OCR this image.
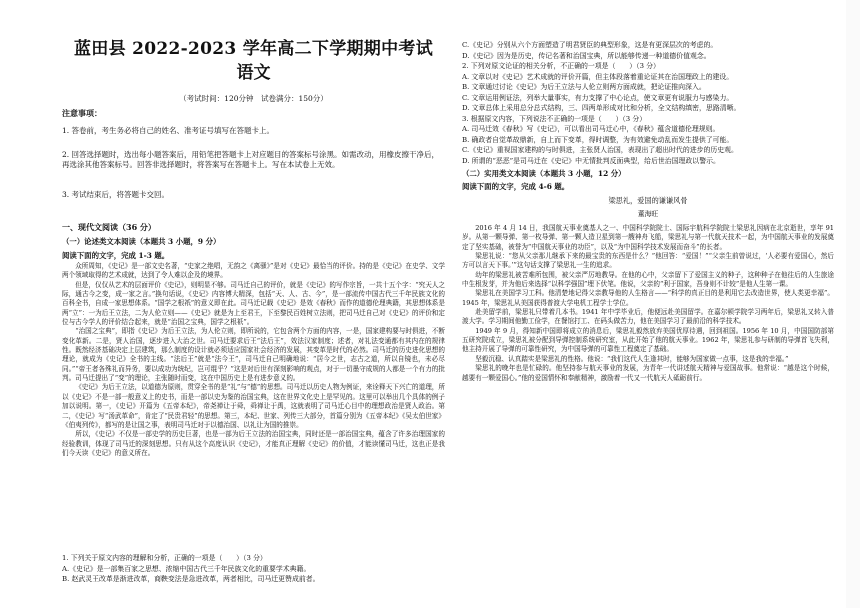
蓝田县 2022-2023 学年高二下学期期中考试
语文
（考试时间：120分钟　试卷满分：150分）
注意事项：
1. 答卷前，考生务必将自己的姓名、准考证号填写在答题卡上。
2. 回答选择题时，选出每小题答案后，用铅笔把答题卡上对应题目的答案标号涂黑。如需改动，用橡皮擦干净后，再选涂其他答案标号。回答非选择题时，将答案写在答题卡上。写在本试卷上无效。
3. 考试结束后，将答题卡交回。
一、现代文阅读（36 分）
（一）论述类文本阅读（本题共 3 小题，9 分）
阅读下面的文字，完成 1-3 题。

众所周知，《史记》是一部文史名著，“史家之绝唱，无韵之《离骚》”是对《史记》最恰当的评价。持的是《史记》在史学、文学两个领域取得的艺术成就，达到了令人难以企及的境界。

但是，仅仅从艺术的层面评价《史记》，则明显不够。司马迁自己的评价，就是《史记》的写作宗旨，一共十五个字：“究天人之际，通古今之变，成一家之言。”换句话说，《史记》内容博大精深，包括“天、人、古、今”，是一部流传中国古代三千年民族文化的百科全书，自成一家思想体系。“国学之根祇”的意义即在此。司马迁记载《史记》是效《春秋》而作的道德伦理典籍，其思想体系是两“立”：一为后王立法，二为人伦立则——《史记》就是为上至君王，下至黎民百姓树立法则，把司马迁自己对《史记》的评价和定位与古今学人的评价结合起来，就是“治国之宝典，国学之根祇”。

“治国之宝典”，即指《史记》为后王立法，为人伦立则，即所说的，它包含两个方面的内容，一是，国家建构要与时俱进，不断变化革新。二是，贤人治国，逐步进入大治之世。司马迁要求后王“法后王”，效法汉家制度；述者，对礼法变通都有其内在的规律性。既然经济基础决定上层建筑，那么制度的设计就必须适应国家社会经济的发展，其变革是时代的必然。司马迁的历史进化思想的理论，就成为《史记》全书的主线。“法后王”就是“法今王”，司马迁自己明确地说：“居今之世，志古之道，所以自镜也，未必尽同。”“帝王者各殊礼而异务，要以成功为统纪，岂可绲乎？”这是对后世有深刻影响的观点，对于一切墨守成规的人都是一个有力的批判。司马迁提出了“变”的理论，主张随时而变，这在中国历史上是有进步意义的。

《史记》为后王立法，以道德为原则，贯穿全书的是“礼”与“德”的思想。司马迁以历史人物为例证，来诠释天下兴亡的道理，所以《史记》不是一部一般意义上的史书，而是一部以史为鉴的治国宝典，这在世界文化史上是罕见的。这里可以举出几个具体的例子加以说明。第一，《史记》开篇为《五帝本纪》，帝尧禅让于舜，舜禅让于禹，这就表明了司马迁心目中的理想政治是贤人政治。第二，《史记》写“汤武革命”，肯定了“民贵君轻”的思想。第三，本纪、世家、列传三大部分，首篇分别为《五帝本纪》《吴太伯世家》《伯夷列传》，都写的是让国之事，表明司马迁对于以德治国、以礼让为国的推崇。

所以，《史记》不仅是一部史学的历史巨著，也是一部为后王立法的治国宝典，同时还是一部治国宝典，蕴含了许多治理国家的经验教训，体现了司马迁的深刻思想。只有从这个高度认识《史记》，才能真正理解《史记》的价值，才能读懂司马迁，这也正是我们今天读《史记》的意义所在。

1. 下列关于原文内容的理解和分析，正确的一项是（　　）（3 分）
A.《史记》是一部集百家之思想、浓缩中国古代三千年民族文化的重要学术典籍。
B. 赵武灵王改革是渐进改革，商鞅变法是急进改革，两者相比，司马迁更赞成前者。
C.《史记》分别从六个方面塑造了明君贤臣的典型形象，这是有更深层次的考虑的。
D.《史记》因为是历史，传记名著和治国宝典，所以能够传递一种道德价值观念。
2. 下列对原文论证的相关分析，不正确的一项是（　　）（3 分）
A. 文章以对《史记》艺术成就的评价开篇，但主体段落着重论证其在治国理政上的建设。
B. 文章通过讨论《史记》为后王立法与人伦立则两方面成就，把论证推向深入。
C. 文章运用例证法，列举大量事实，有力支撑了中心论点，使文章更有说服力与感染力。
D. 文章总体上采用总分总式结构，三、四两单形成对比和分析，全文结构缜密，思路清晰。
3. 根据原文内容，下列说法不正确的一项是（　　）（3 分）
A. 司马迁效《春秋》写《史记》，可以看出司马迁心中，《春秋》蕴含道德伦理规则。
B. 确政者自觉革故鼎新，自上而下变革，得时调整，为有效避免动乱而发生提供了可能。
C.《史记》重视国家建构的与时俱进，主张贤人治国，表现出了超出时代的进步的历史观。
D. 所谓的“恶恶”是司马迁在《史记》中无情批判反面典型，给后世治国理政以警示。
（二）实用类文本阅读（本题共 3 小题，12 分）
阅读下面的文字，完成 4-6 题。
梁思礼，爱国的谦谦风骨
董海旺

2016 年 4 月 14 日，我国航天事业奠基人之一、中国科学院院士、国际宇航科学院院士梁思礼因病在北京逝世，享年 91 岁。从第一颗导弹、第一枚导弹、第一颗人造卫星到第一艘神舟飞船，梁思礼与第一代航天技术一起，为中国航天事业的发展奠定了坚实基础，被誉为“中国航天事业的功臣”，以及“为中国科学技术发展而奋斗”的长者。

梁思礼说：“您从父亲那儿继承下来的最宝贵的东西是什么？”他回答：“爱国！”“父亲生前曾说过，‘人必要有爱国心，然后方可以言天下事。’”这句话支撑了梁思礼一生的追求。

幼年的梁思礼被苦难所包围，被父亲严厉地教导。在他的心中，父亲留下了爱国主义的种子，这种种子在他往后的人生旅途中生根发芽，并为他后来选择“以科学强国”埋下伏笔。他说，父亲的“利于国家，吾身则不计较”是他人生第一课。

梁思礼在美国学习工科。他清楚地记得父亲教导他的人生格言——“科学的真正目的是利用它去改造世界，使人类更幸福”。1945 年，梁思礼从美国获得普渡大学电机工程学士学位。

赴美留学前，梁思礼只带着几本书。1941 年中学毕业后，他便远赴美国留学。在嘉尔顿学院学习两年后，梁思礼又转入普渡大学。学习期间他勤工俭学，在餐馆打工、在码头做苦力，他在美国学习了最前沿的科学技术。

1949 年 9 月，得知新中国即将成立的消息后，梁思礼毅然放弃美国优厚待遇，回到祖国。1956 年 10 月，中国国防部第五研究院成立，梁思礼被分配到导弹控制系统研究室，从此开始了他的航天事业。1962 年，梁思礼参与研制的导弹首飞失利，他主持开展了导弹的可靠性研究，为中国导弹的可靠性工程奠定了基础。

坚毅沉稳、认真踏实是梁思礼的性格。他说：“我们这代人生逢其时，能够为国家做一点事，这是我的幸福。”

梁思礼的晚年也是忙碌的。他坚持参与航天事业的发展，为青年一代讲述航天精神与爱国故事。他常说：“越是这个时候，越要有一颗爱国心。”他的爱国情怀和奉献精神，激励着一代又一代航天人砥砺前行。
